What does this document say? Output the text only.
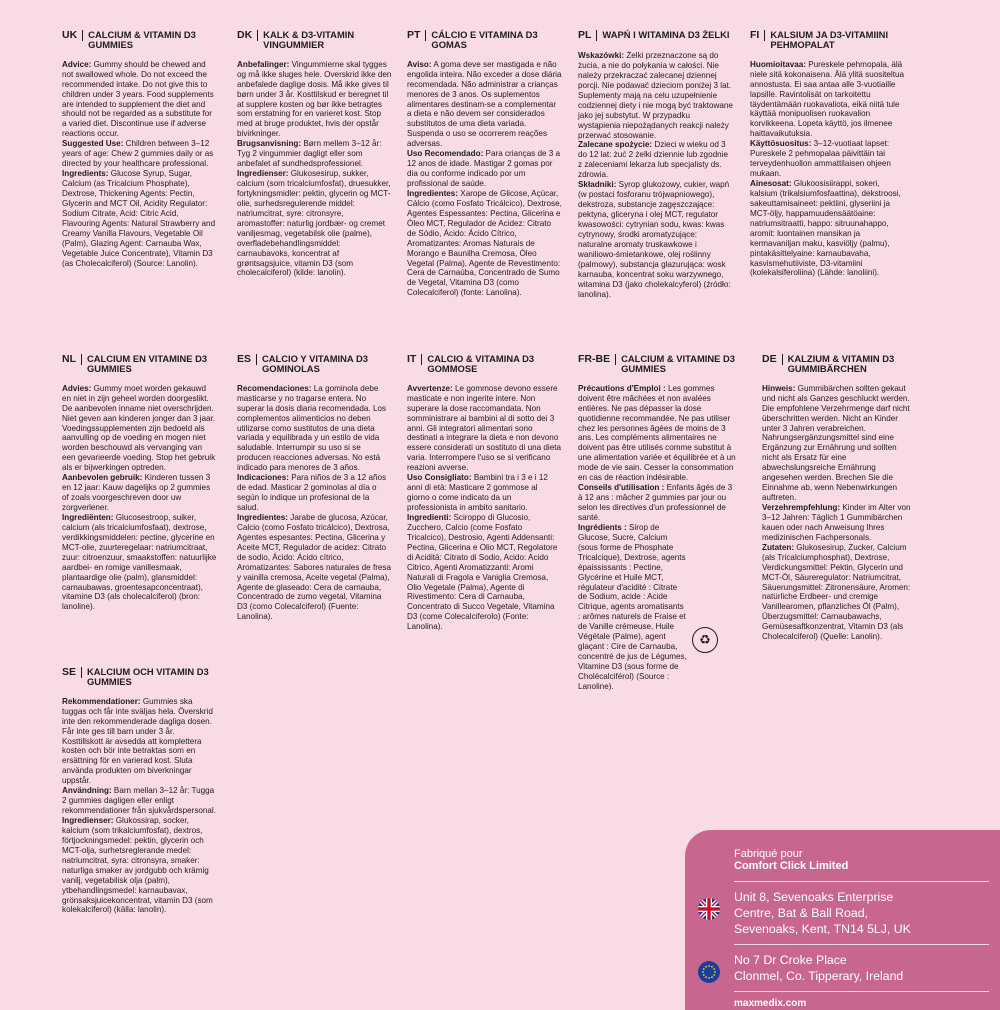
UK	CALCIUM & VITAMIN D3 GUMMIES

Advice: Gummy should be chewed and not swallowed whole. Do not exceed the recommended intake. Do not give this to children under 3 years. Food supplements are intended to supplement the diet and should not be regarded as a substitute for a varied diet. Discontinue use if adverse reactions occur.

Suggested Use: Children between 3–12 years of age: Chew 2 gummies daily or as directed by your healthcare professional.

Ingredients: Glucose Syrup, Sugar, Calcium (as Tricalcium Phosphate), Dextrose, Thickening Agents: Pectin, Glycerin and MCT Oil, Acidity Regulator: Sodium Citrate, Acid: Citric Acid, Flavouring Agents: Natural Strawberry and Creamy Vanilla Flavours, Vegetable Oil (Palm), Glazing Agent: Carnauba Wax, Vegetable Juice Concentrate), Vitamin D3 (as Cholecalciferol) (Source: Lanolin).

DK	KALK & D3-VITAMIN VINGUMMIER

Anbefalinger: Vingummierne skal tygges og må ikke sluges hele. Overskrid ikke den anbefalede daglige dosis. Må ikke gives til børn under 3 år. Kosttilskud er beregnet til at supplere kosten og bør ikke betragtes som erstatning for en varieret kost. Stop med at bruge produktet, hvis der opstår bivirkninger.

Brugsanvisning: Børn mellem 3–12 år: Tyg 2 vingummier dagligt eller som anbefalet af sundhedsprofessionel.

Ingredienser: Glukosesirup, sukker, calcium (som tricalciumfosfat), druesukker, fortykningsmidler: pektin, glycerin og MCT-olie, surhedsregulerende middel: natriumcitrat, syre: citronsyre, aromastoffer: naturlig jordbær- og cremet vaniljesmag, vegetabilsk olie (palme), overfladebehandlingsmiddel: carnaubavoks, koncentrat af grøntsagsjuice, vitamin D3 (som cholecalciferol) (kilde: lanolin).

PT	CÁLCIO E VITAMINA D3 GOMAS

Aviso: A goma deve ser mastigada e não engolida inteira. Não exceder a dose diária recomendada. Não administrar a crianças menores de 3 anos. Os suplementos alimentares destinam-se a complementar a dieta e não devem ser considerados substitutos de uma dieta variada. Suspenda o uso se ocorrerem reações adversas.

Uso Recomendado: Para crianças de 3 a 12 anos de idade. Mastigar 2 gomas por dia ou conforme indicado por um profissional de saúde.

Ingredientes: Xarope de Glicose, Açúcar, Cálcio (como Fosfato Tricálcico), Dextrose, Agentes Espessantes: Pectina, Glicerina e Óleo MCT, Regulador de Acidez: Citrato de Sódio, Ácido: Ácido Cítrico, Aromatizantes: Aromas Naturais de Morango e Baunilha Cremosa, Óleo Vegetal (Palma), Agente de Revestimento: Cera de Carnaúba, Concentrado de Sumo de Vegetal, Vitamina D3 (como Colecalciferol) (fonte: Lanolina).

PL	WAPŃ I WITAMINA D3 ŻELKI

Wskazówki: Żelki przeznaczone są do żucia, a nie do połykania w całości. Nie należy przekraczać zalecanej dziennej porcji. Nie podawać dzieciom poniżej 3 lat. Suplementy mają na celu uzupełnienie codziennej diety i nie mogą być traktowane jako jej substytut. W przypadku wystąpienia niepożądanych reakcji należy przerwać stosowanie.

Zalecane spożycie: Dzieci w wieku od 3 do 12 lat: żuć 2 żelki dziennie lub zgodnie z zaleceniami lekarza lub specjalisty ds. zdrowia.

Składniki: Syrop glukozowy, cukier, wapń (w postaci fosforanu trójwapniowego), dekstroza, substancje zagęszczające: pektyna, gliceryna i olej MCT, regulator kwasowości: cytrynian sodu, kwas: kwas cytrynowy, środki aromatyzujące: naturalne aromaty truskawkowe i waniliowo-śmietankowe, olej roślinny (palmowy), substancja glazurująca: wosk karnauba, koncentrat soku warzywnego, witamina D3 (jako cholekalcyferol) (źródło: lanolina).

FI	KALSIUM JA D3-VITAMIINI PEHMOPALAT

Huomioitavaa: Pureskele pehmopala, älä niele sitä kokonaisena. Älä ylitä suositeltua annostusta. Ei saa antaa alle 3-vuotiaille lapsille. Ravintolisät on tarkoitettu täydentämään ruokavaliota, eikä niitä tule käyttää monipuolisen ruokavalion korvikkeena. Lopeta käyttö, jos ilmenee haittavaikutuksia.

Käyttösuositus: 3–12-vuotiaat lapset: Pureskele 2 pehmopalaa päivittäin tai terveydenhuollon ammattilaisen ohjeen mukaan.

Ainesosat: Glukoosisiirappi, sokeri, kalsium (trikalsiumfosfaattina), dekstroosi, sakeuttamisaineet: pektiini, glyseriini ja MCT-öljy, happamuudensäätöaine: natriumsitraatti, happo: sitruunahappo, aromit: luontainen mansikan ja kermavaniljan maku, kasviöljy (palmu), pintakäsittelyaine: karnaubavaha, kasvismehutiiviste, D3-vitamiini (kolekalsiferoliina) (Lähde: lanoliini).

NL	CALCIUM EN VITAMINE D3 GUMMIES

Advies: Gummy moet worden gekauwd en niet in zijn geheel worden doorgeslikt. De aanbevolen inname niet overschrijden. Niet geven aan kinderen jonger dan 3 jaar. Voedingssupplementen zijn bedoeld als aanvulling op de voeding en mogen niet worden beschouwd als vervanging van een gevarieerde voeding. Stop het gebruik als er bijwerkingen optreden.

Aanbevolen gebruik: Kinderen tussen 3 en 12 jaar: Kauw dagelijks op 2 gummies of zoals voorgeschreven door uw zorgverlener.

Ingrediënten: Glucosestroop, suiker, calcium (als tricalciumfosfaat), dextrose, verdikkingsmiddelen: pectine, glycerine en MCT-olie, zuurteregelaar: natriumcitraat, zuur: citroenzuur, smaakstoffen: natuurlijke aardbei- en romige vanillesmaak, plantaardige olie (palm), glansmiddel: carnaubawas, groentesapconcentraat), vitamine D3 (als cholecalciferol) (bron: lanoline).

ES	CALCIO Y VITAMINA D3 GOMINOLAS

Recomendaciones: La gominola debe masticarse y no tragarse entera. No superar la dosis diaria recomendada. Los complementos alimenticios no deben utilizarse como sustitutos de una dieta variada y equilibrada y un estilo de vida saludable. Interrumpir su uso si se producen reacciones adversas. No está indicado para menores de 3 años.

Indicaciones: Para niños de 3 a 12 años de edad. Masticar 2 gominolas al día o según lo indique un profesional de la salud.

Ingredientes: Jarabe de glucosa, Azúcar, Calcio (como Fosfato tricálcico), Dextrosa, Agentes espesantes: Pectina, Glicerina y Aceite MCT, Regulador de acidez: Citrato de sodio, Ácido: Ácido cítrico, Aromatizantes: Sabores naturales de fresa y vainilla cremosa, Aceite vegetal (Palma), Agente de glaseado: Cera de carnauba, Concentrado de zumo vegetal, Vitamina D3 (como Colecalciferol) (Fuente: Lanolina).

IT	CALCIO & VITAMINA D3 GOMMOSE

Avvertenze: Le gommose devono essere masticate e non ingerite intere. Non superare la dose raccomandata. Non somministrare ai bambini al di sotto dei 3 anni. Gli integratori alimentari sono destinati a integrare la dieta e non devono essere considerati un sostituto di una dieta varia. Interrompere l'uso se si verificano reazioni avverse.

Uso Consigliato: Bambini tra i 3 e i 12 anni di età: Masticare 2 gommose al giorno o come indicato da un professionista in ambito sanitario.

Ingredienti: Sciroppo di Glucosio, Zucchero, Calcio (come Fosfato Tricalcico), Destrosio, Agenti Addensanti: Pectina, Glicerina e Olio MCT, Regolatore di Acidità: Citrato di Sodio, Acido: Acido Citrico, Agenti Aromatizzanti: Aromi Naturali di Fragola e Vaniglia Cremosa, Olio Vegetale (Palma), Agente di Rivestimento: Cera di Carnauba, Concentrato di Succo Vegetale, Vitamina D3 (come Colecalciferolo) (Fonte: Lanolina).

FR-BE	CALCIUM & VITAMINE D3 GUMMIES

Précautions d'Emploi : Les gommes doivent être mâchées et non avalées entières. Ne pas dépasser la dose quotidienne recommandée. Ne pas utiliser chez les personnes âgées de moins de 3 ans. Les compléments alimentaires ne doivent pas être utilisés comme substitut à une alimentation variée et équilibrée et à un mode de vie sain. Cesser la consommation en cas de réaction indésirable.

Conseils d'utilisation : Enfants âgés de 3 à 12 ans : mâcher 2 gummies par jour ou selon les directives d'un professionnel de santé.

Ingrédients : Sirop de Glucose, Sucre, Calcium (sous forme de Phosphate Tricalcique), Dextrose, agents épaississants : Pectine, Glycérine et Huile MCT, régulateur d'acidité : Citrate de Sodium, acide : Acide Citrique, agents aromatisants : arômes naturels de Fraise et de Vanille crémeuse, Huile Végétale (Palme), agent glaçant : Cire de Carnauba, concentré de jus de Légumes, Vitamine D3 (sous forme de Cholécalciférol) (Source : Lanoline).

♻
DE	KALZIUM & VITAMIN D3 GUMMIBÄRCHEN

Hinweis: Gummibärchen sollten gekaut und nicht als Ganzes geschluckt werden. Die empfohlene Verzehrmenge darf nicht überschritten werden. Nicht an Kinder unter 3 Jahren verabreichen. Nahrungsergänzungsmittel sind eine Ergänzung zur Ernährung und sollten nicht als Ersatz für eine abwechslungsreiche Ernährung angesehen werden. Brechen Sie die Einnahme ab, wenn Nebenwirkungen auftreten.

Verzehrempfehlung: Kinder im Alter von 3–12 Jahren: Täglich 1 Gummibärchen kauen oder nach Anweisung Ihres medizinischen Fachpersonals.

Zutaten: Glukosesirup, Zucker, Calcium (als Tricalciumphosphat), Dextrose, Verdickungsmittel: Pektin, Glycerin und MCT-Öl, Säureregulator: Natriumcitrat, Säuerungsmittel: Zitronensäure, Aromen: natürliche Erdbeer- und cremige Vanillearomen, pflanzliches Öl (Palm), Überzugsmittel: Carnaubawachs, Gemüsesaftkonzentrat, Vitamin D3 (als Cholecalciferol) (Quelle: Lanolin).

SE	KALCIUM OCH VITAMIN D3 GUMMIES

Rekommendationer: Gummies ska tuggas och får inte sväljas hela. Överskrid inte den rekommenderade dagliga dosen. Får inte ges till barn under 3 år. Kosttillskott är avsedda att komplettera kosten och bör inte betraktas som en ersättning för en varierad kost. Sluta använda produkten om biverkningar uppstår.

Användning: Barn mellan 3–12 år: Tugga 2 gummies dagligen eller enligt rekommendationer från sjukvårdspersonal.

Ingredienser: Glukossirap, socker, kalcium (som trikalciumfosfat), dextros, förtjockningsmedel: pektin, glycerin och MCT-olja, surhetsreglerande medel: natriumcitrat, syra: citronsyra, smaker: naturliga smaker av jordgubb och krämig vanilj, vegetabilisk olja (palm), ytbehandlingsmedel: karnaubavax, grönsaksjuicekoncentrat, vitamin D3 (som kolekalciferol) (källa: lanolin).

Fabriqué pour
Comfort Click Limited
Unit 8, Sevenoaks Enterprise
Centre, Bat & Ball Road,
Sevenoaks, Kent, TN14 5LJ, UK
No 7 Dr Croke Place
Clonmel, Co. Tipperary, Ireland
maxmedix.com
